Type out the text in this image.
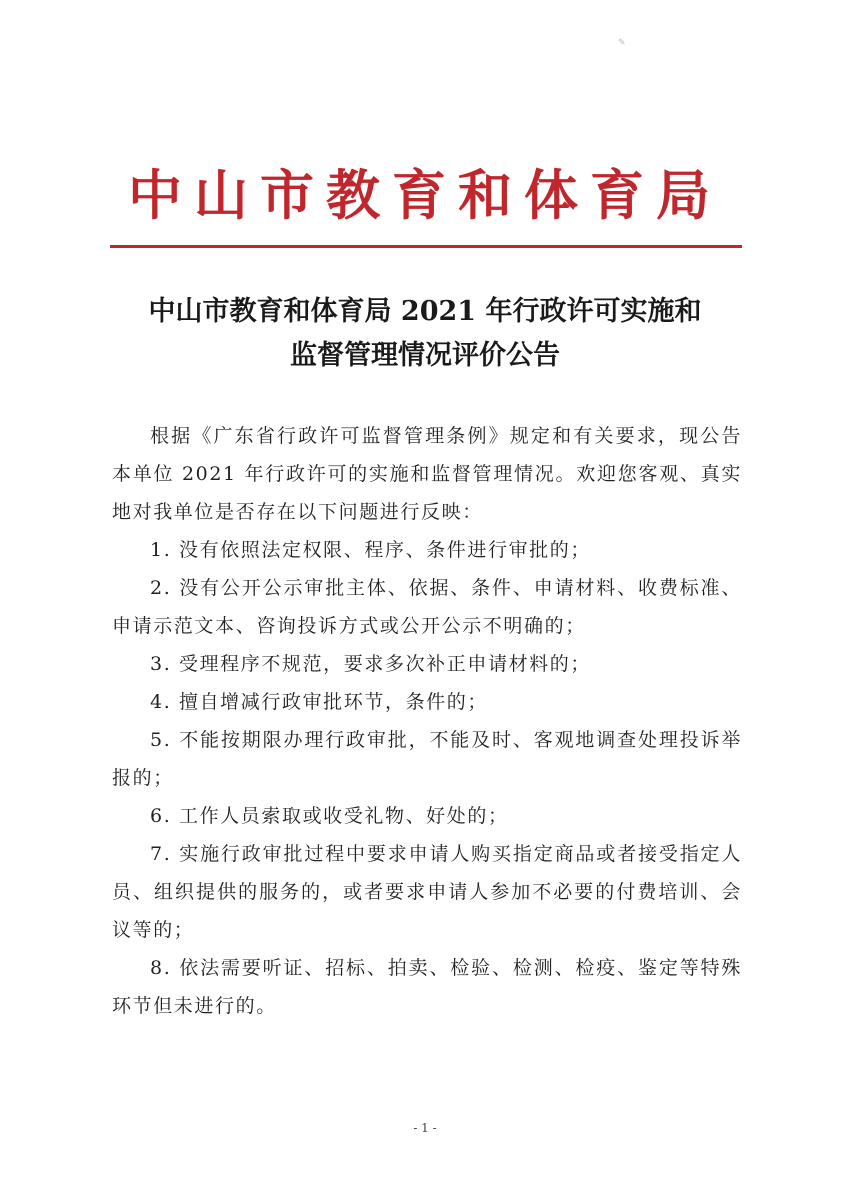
✎
中山市教育和体育局
中山市教育和体育局 2021 年行政许可实施和
监督管理情况评价公告

根据《广东省行政许可监督管理条例》规定和有关要求，现公告本单位 2021 年行政许可的实施和监督管理情况。欢迎您客观、真实地对我单位是否存在以下问题进行反映：

1. 没有依照法定权限、程序、条件进行审批的；

2. 没有公开公示审批主体、依据、条件、申请材料、收费标准、申请示范文本、咨询投诉方式或公开公示不明确的；

3. 受理程序不规范，要求多次补正申请材料的；

4. 擅自增减行政审批环节，条件的；

5. 不能按期限办理行政审批，不能及时、客观地调查处理投诉举报的；

6. 工作人员索取或收受礼物、好处的；

7. 实施行政审批过程中要求申请人购买指定商品或者接受指定人员、组织提供的服务的，或者要求申请人参加不必要的付费培训、会议等的；

8. 依法需要听证、招标、拍卖、检验、检测、检疫、鉴定等特殊环节但未进行的。

- 1 -
